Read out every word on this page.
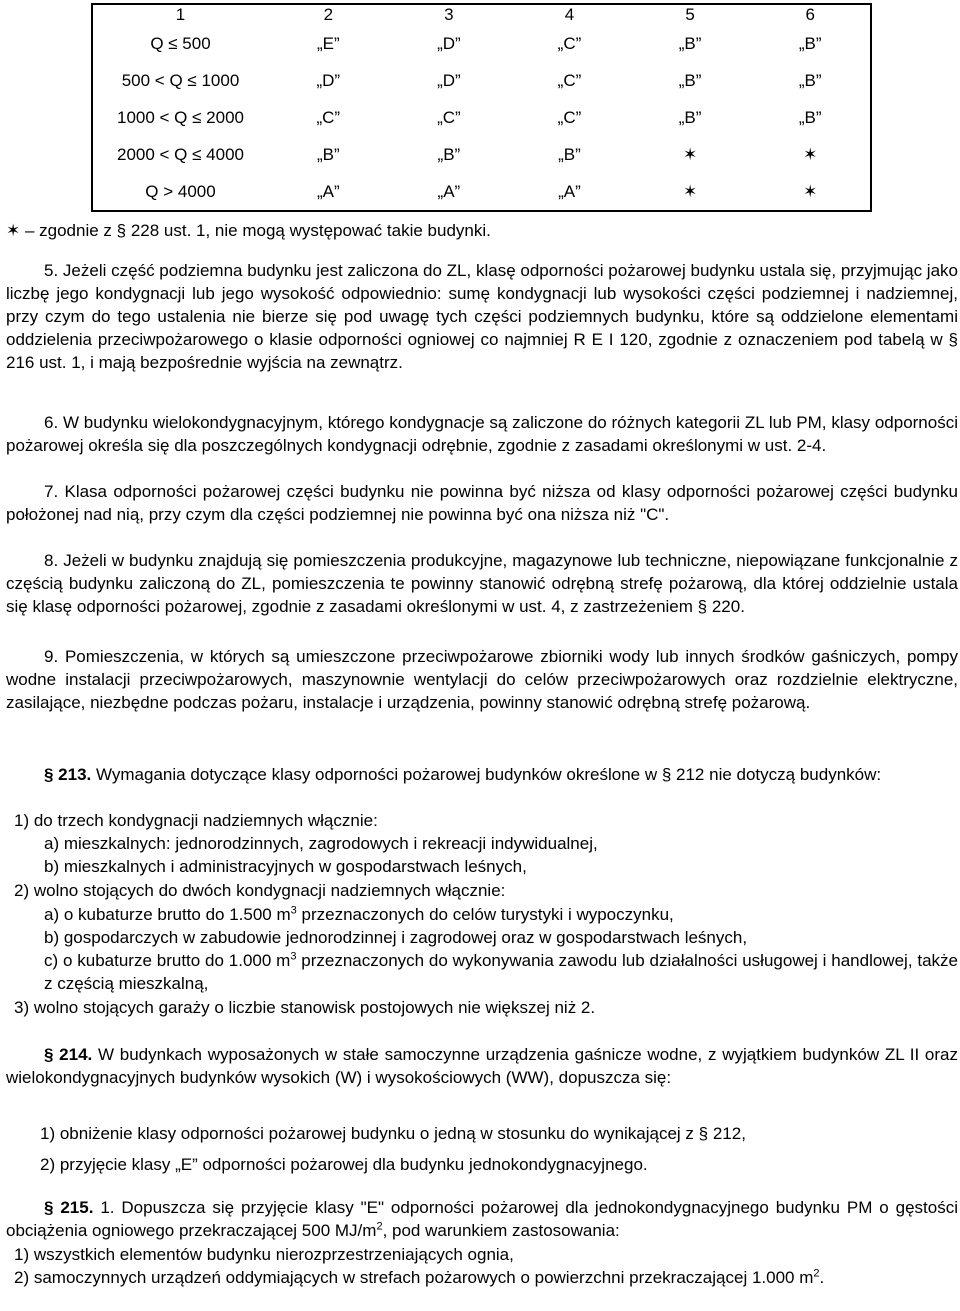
1	2	3	4	5	6
Q ≤ 500	„E”	„D”	„C”	„B”	„B”
500 < Q ≤ 1000	„D”	„D”	„C”	„B”	„B”
1000 < Q ≤ 2000	„C”	„C”	„C”	„B”	„B”
2000 < Q ≤ 4000	„B”	„B”	„B”	✶	✶
Q > 4000	„A”	„A”	„A”	✶	✶
✶ – zgodnie z § 228 ust. 1, nie mogą występować takie budynki.
5. Jeżeli część podziemna budynku jest zaliczona do ZL, klasę odporności pożarowej budynku ustala się, przyjmując jako liczbę jego kondygnacji lub jego wysokość odpowiednio: sumę kondygnacji lub wysokości części podziemnej i nadziemnej, przy czym do tego ustalenia nie bierze się pod uwagę tych części podziemnych budynku, które są oddzielone elementami oddzielenia przeciwpożarowego o klasie odporności ogniowej co najmniej R E I 120, zgodnie z oznaczeniem pod tabelą w § 216 ust. 1, i mają bezpośrednie wyjścia na zewnątrz.
6. W budynku wielokondygnacyjnym, którego kondygnacje są zaliczone do różnych kategorii ZL lub PM, klasy odporności pożarowej określa się dla poszczególnych kondygnacji odrębnie, zgodnie z zasadami określonymi w ust. 2-4.
7. Klasa odporności pożarowej części budynku nie powinna być niższa od klasy odporności pożarowej części budynku położonej nad nią, przy czym dla części podziemnej nie powinna być ona niższa niż "C".
8. Jeżeli w budynku znajdują się pomieszczenia produkcyjne, magazynowe lub techniczne, niepowiązane funkcjonalnie z częścią budynku zaliczoną do ZL, pomieszczenia te powinny stanowić odrębną strefę pożarową, dla której oddzielnie ustala się klasę odporności pożarowej, zgodnie z zasadami określonymi w ust. 4, z zastrzeżeniem § 220.
9. Pomieszczenia, w których są umieszczone przeciwpożarowe zbiorniki wody lub innych środków gaśniczych, pompy wodne instalacji przeciwpożarowych, maszynownie wentylacji do celów przeciwpożarowych oraz rozdzielnie elektryczne, zasilające, niezbędne podczas pożaru, instalacje i urządzenia, powinny stanowić odrębną strefę pożarową.
§ 213. Wymagania dotyczące klasy odporności pożarowej budynków określone w § 212 nie dotyczą budynków:
1) do trzech kondygnacji nadziemnych włącznie:
a) mieszkalnych: jednorodzinnych, zagrodowych i rekreacji indywidualnej,
b) mieszkalnych i administracyjnych w gospodarstwach leśnych,
2) wolno stojących do dwóch kondygnacji nadziemnych włącznie:
a) o kubaturze brutto do 1.500 $m^3$ przeznaczonych do celów turystyki i wypoczynku,
b) gospodarczych w zabudowie jednorodzinnej i zagrodowej oraz w gospodarstwach leśnych,
c) o kubaturze brutto do 1.000 $m^3$ przeznaczonych do wykonywania zawodu lub działalności usługowej i handlowej, także z częścią mieszkalną,
3) wolno stojących garaży o liczbie stanowisk postojowych nie większej niż 2.
§ 214. W budynkach wyposażonych w stałe samoczynne urządzenia gaśnicze wodne, z wyjątkiem budynków ZL II oraz wielokondygnacyjnych budynków wysokich (W) i wysokościowych (WW), dopuszcza się:
1) obniżenie klasy odporności pożarowej budynku o jedną w stosunku do wynikającej z § 212,
2) przyjęcie klasy „E” odporności pożarowej dla budynku jednokondygnacyjnego.
§ 215. 1. Dopuszcza się przyjęcie klasy "E" odporności pożarowej dla jednokondygnacyjnego budynku PM o gęstości obciążenia ogniowego przekraczającej 500 $MJ/m^2$, pod warunkiem zastosowania:
1) wszystkich elementów budynku nierozprzestrzeniających ognia,
2) samoczynnych urządzeń oddymiających w strefach pożarowych o powierzchni przekraczającej 1.000 $m^2$.
